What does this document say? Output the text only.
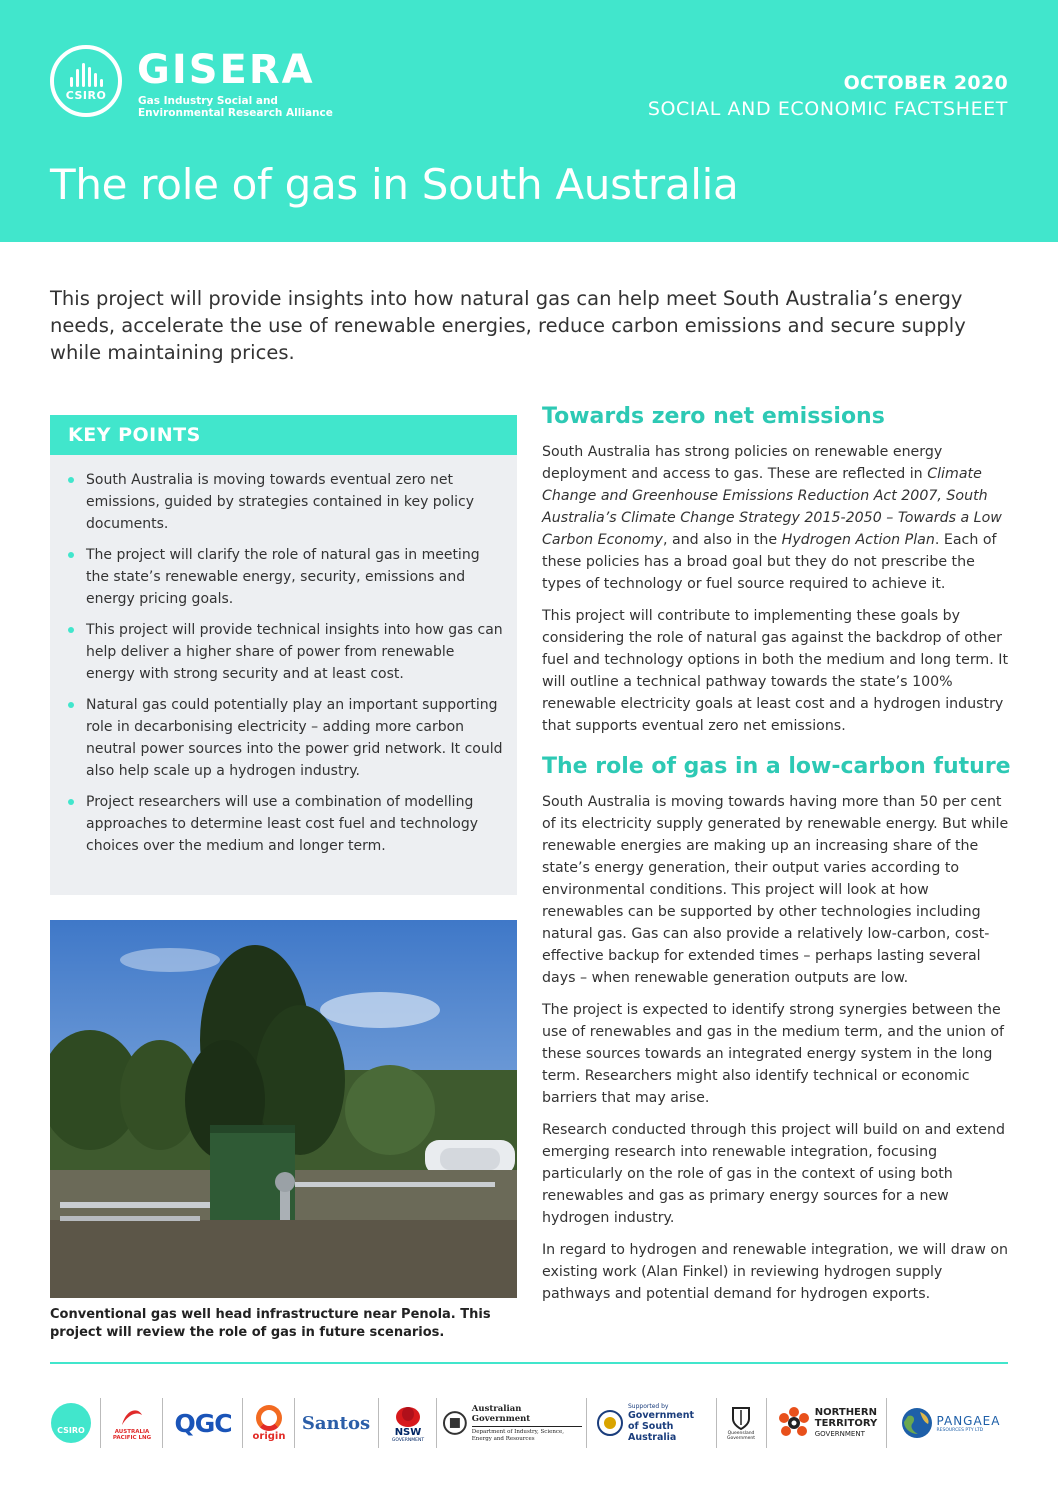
CSIRO
GISERA
Gas Industry Social and Environmental Research Alliance
OCTOBER 2020
SOCIAL AND ECONOMIC FACTSHEET
The role of gas in South Australia

This project will provide insights into how natural gas can help meet South Australia’s energy needs, accelerate the use of renewable energies, reduce carbon emissions and secure supply while maintaining prices.

KEY POINTS
South Australia is moving towards eventual zero net emissions, guided by strategies contained in key policy documents.
The project will clarify the role of natural gas in meeting the state’s renewable energy, security, emissions and energy pricing goals.
This project will provide technical insights into how gas can help deliver a higher share of power from renewable energy with strong security and at least cost.
Natural gas could potentially play an important supporting role in decarbonising electricity – adding more carbon neutral power sources into the power grid network. It could also help scale up a hydrogen industry.
Project researchers will use a combination of modelling approaches to determine least cost fuel and technology choices over the medium and longer term.

Conventional gas well head infrastructure near Penola. This project will review the role of gas in future scenarios.

Towards zero net emissions

South Australia has strong policies on renewable energy deployment and access to gas. These are reflected in Climate Change and Greenhouse Emissions Reduction Act 2007, South Australia’s Climate Change Strategy 2015-2050 – Towards a Low Carbon Economy, and also in the Hydrogen Action Plan. Each of these policies has a broad goal but they do not prescribe the types of technology or fuel source required to achieve it.

This project will contribute to implementing these goals by considering the role of natural gas against the backdrop of other fuel and technology options in both the medium and long term. It will outline a technical pathway towards the state’s 100% renewable electricity goals at least cost and a hydrogen industry that supports eventual zero net emissions.

The role of gas in a low-carbon future

South Australia is moving towards having more than 50 per cent of its electricity supply generated by renewable energy. But while renewable energies are making up an increasing share of the state’s energy generation, their output varies according to environmental conditions. This project will look at how renewables can be supported by other technologies including natural gas. Gas can also provide a relatively low-carbon, cost-effective backup for extended times – perhaps lasting several days – when renewable generation outputs are low.

The project is expected to identify strong synergies between the use of renewables and gas in the medium term, and the union of these sources towards an integrated energy system in the long term. Researchers might also identify technical or economic barriers that may arise.

Research conducted through this project will build on and extend emerging research into renewable integration, focusing particularly on the role of gas in the context of using both renewables and gas as primary energy sources for a new hydrogen industry.

In regard to hydrogen and renewable integration, we will draw on existing work (Alan Finkel) in reviewing hydrogen supply pathways and potential demand for hydrogen exports.

CSIRO	AUSTRALIA PACIFIC LNG
QGC origin
Santos NSW
GOVERNMENT
Australian Government
Department of Industry, Science, Energy and Resources
Supported by
Government of South Australia	Queensland Government
NORTHERN
TERRITORY
GOVERNMENT
PANGAEA
RESOURCES PTY LTD
